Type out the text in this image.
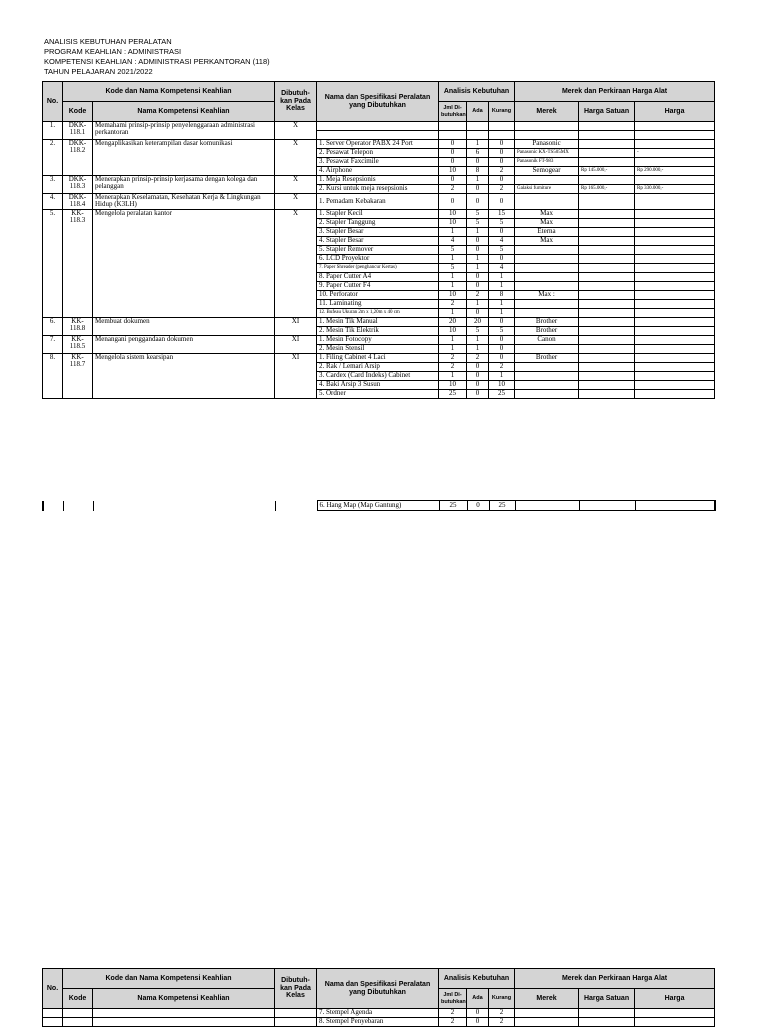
ANALISIS KEBUTUHAN PERALATAN
PROGRAM KEAHLIAN : ADMINISTRASI
KOMPETENSI KEAHLIAN : ADMINISTRASI PERKANTORAN (118)
TAHUN PELAJARAN 2021/2022
No.	Kode dan Nama Kompetensi Keahlian		Dibutuh-kan Pada Kelas	Nama dan Spesifikasi Peralatan yang Dibutuhkan	Analisis Kebutuhan			Merek dan Perkiraan Harga Alat		
	Kode	Nama Kompetensi Keahlian			Jml Di-butuhkan	Ada	Kurang	Merek	Harga Satuan	Harga
1.	DKK-118.1	Memahami prinsip-prinsip penyelenggaraan administrasi perkantoran	X							

2.	DKK-118.2	Mengaplikasikan keterampilan dasar komunikasi	X	1. Server Operator PABX 24 Port	0	1	0	Panasonic		
				2. Pesawat Telepon	0	6	0	Panasonic KX-TS505MX		-
				3. Pesawat Faxcimile	0	0	0	Panasonik FT-983		
				4. Airphone	10	8	2	Semogear	Rp 145.000,-	Rp 290.000,-
3.	DKK-118.3	Menerapkan prinsip-prinsip kerjasama dengan kolega dan pelanggan	X	1. Meja Resepsionis	0	1	0			
				2. Kursi untuk meja resepsionis	2	0	2	Galaksi furniture	Rp 165.000,-	Rp 330.000,-
4.	DKK-118.4	Menerapkan Keselamatan, Kesehatan Kerja & Lingkungan Hidup (K3LH)	X	1. Pemadam Kebakaran	0	0	0			
5.	KK-118.3	Mengelola peralatan kantor	X	1. Stapler Kecil	10	5	15	Max		
				2. Stapler Tanggung	10	5	5	Max		
				3. Stapler Besar	1	1	0	Eterna		
				4. Stapler Besar	4	0	4	Max		
				5. Stapler Remover	5	0	5			
				6. LCD Proyektor	1	1	0			
				7. Paper Shreader (penghancur Kertas)	5	1	4			
				8. Paper Cutter A4	1	0	1			
				9. Paper Cutter F4	1	0	1			
				10. Perforator	10	2	8	Max :		
				11. Laminating	2	1	1			
				12. Bufeau Ukuran 2m x 1,20m x 40 cm	1	0	1			
6.	KK-118.8	Membuat dokumen	XI	1. Mesin Tik Manual	20	20	0	Brother		
				2. Mesin Tik Elektrik	10	5	5	Brother		
7.	KK-118.5	Menangani penggandaan dokumen	XI	1. Mesin Fotocopy	1	1	0	Canon		
				2. Mesin Stensil	1	1	0			
8.	KK-118.7	Mengelola sistem kearsipan	XI	1. Filing Cabinet 4 Laci	2	2	0	Brother		
				2. Rak / Lemari Arsip	2	0	2			
				3. Cardex (Card Indeks) Cabinet	1	0	1			
				4. Baki Arsip 3 Susun	10	0	10			
				5. Ordner	25	0	25			
				6. Hang Map (Map Gantung)	25	0	25			
No.	Kode dan Nama Kompetensi Keahlian		Dibutuh-kan Pada Kelas	Nama dan Spesifikasi Peralatan yang Dibutuhkan	Analisis Kebutuhan			Merek dan Perkiraan Harga Alat		
	Kode	Nama Kompetensi Keahlian			Jml Di-butuhkan	Ada	Kurang	Merek	Harga Satuan	Harga
				7. Stempel Agenda	2	0	2			
				8. Stempel Penyebaran	2	0	2			
